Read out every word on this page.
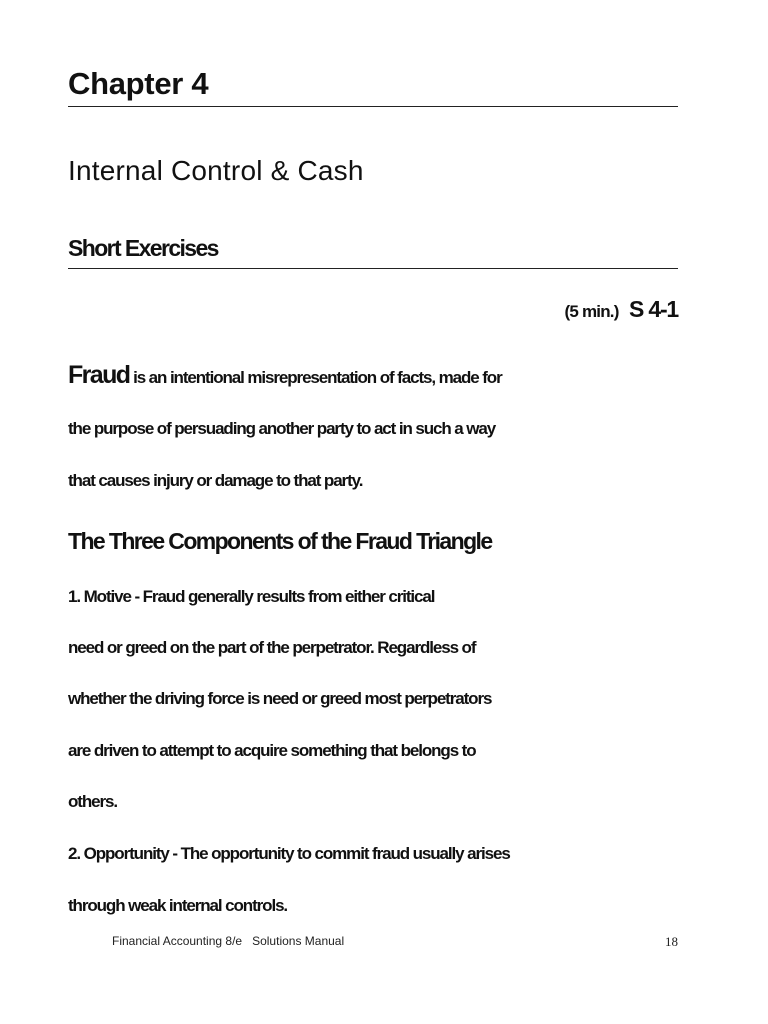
Chapter 4
Internal Control & Cash
Short Exercises
(5 min.) S 4-1
Fraud is an intentional misrepresentation of facts, made for
the purpose of persuading another party to act in such a way
that causes injury or damage to that party.
The Three Components of the Fraud Triangle
1. Motive - Fraud generally results from either critical
need or greed on the part of the perpetrator. Regardless of
whether the driving force is need or greed most perpetrators
are driven to attempt to acquire something that belongs to
others.
2. Opportunity - The opportunity to commit fraud usually arises
through weak internal controls.
Financial Accounting 8/e   Solutions Manual	18
